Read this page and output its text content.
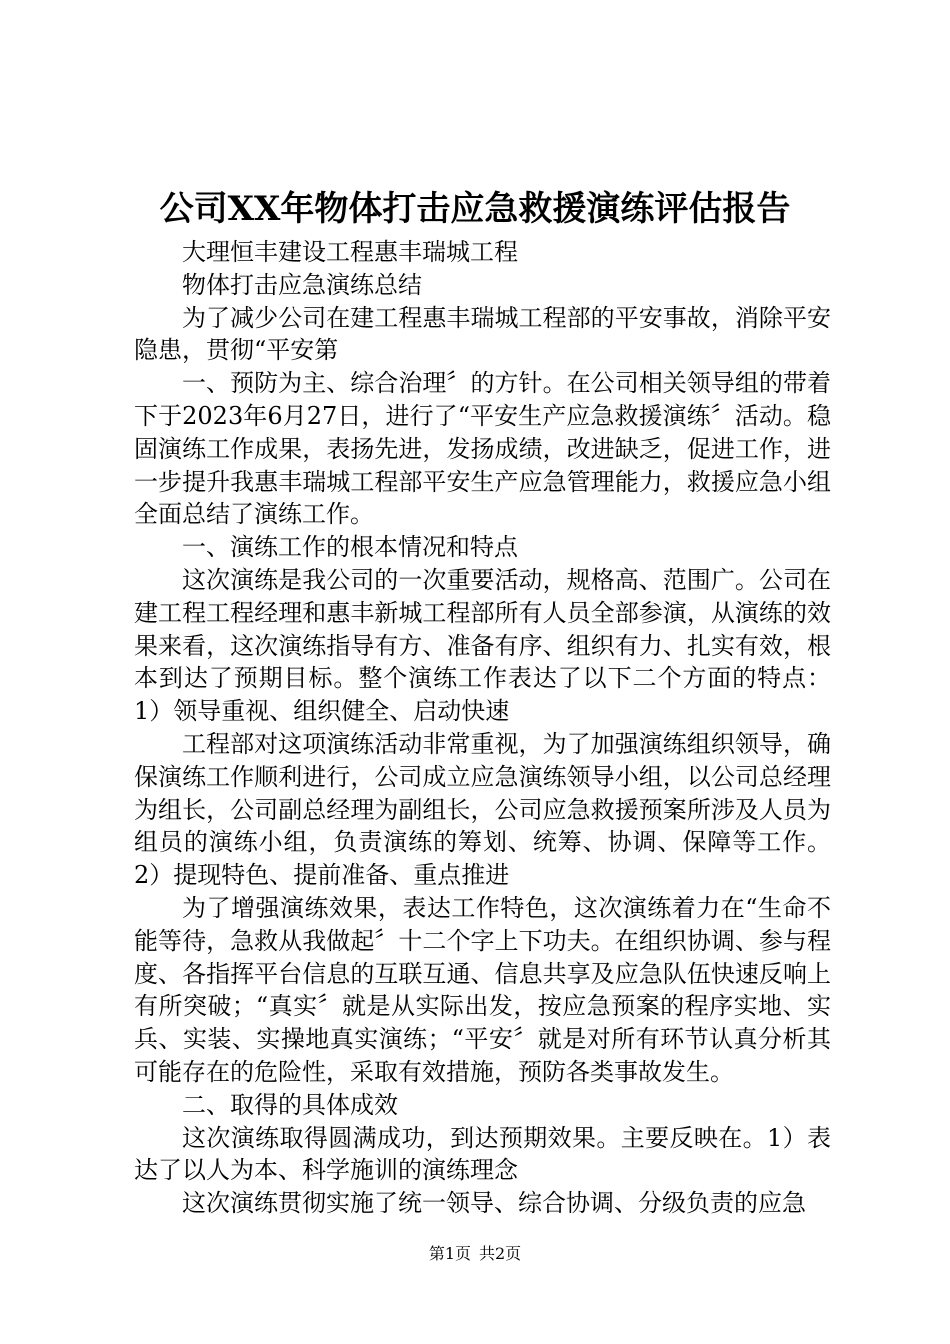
公司XX年物体打击应急救援演练评估报告

大理恒丰建设工程惠丰瑞城工程

物体打击应急演练总结

为了减少公司在建工程惠丰瑞城工程部的平安事故，消除平安隐患，贯彻“平安第

一、预防为主、综合治理〞的方针。在公司相关领导组的带着下于2023年6月27日，进行了“平安生产应急救援演练〞活动。稳固演练工作成果，表扬先进，发扬成绩，改进缺乏，促进工作，进一步提升我惠丰瑞城工程部平安生产应急管理能力，救援应急小组全面总结了演练工作。

一、演练工作的根本情况和特点

这次演练是我公司的一次重要活动，规格高、范围广。公司在建工程工程经理和惠丰新城工程部所有人员全部参演，从演练的效果来看，这次演练指导有方、准备有序、组织有力、扎实有效，根本到达了预期目标。整个演练工作表达了以下二个方面的特点：1）领导重视、组织健全、启动快速

工程部对这项演练活动非常重视，为了加强演练组织领导，确保演练工作顺利进行，公司成立应急演练领导小组，以公司总经理为组长，公司副总经理为副组长，公司应急救援预案所涉及人员为组员的演练小组，负责演练的筹划、统筹、协调、保障等工作。2）提现特色、提前准备、重点推进

为了增强演练效果，表达工作特色，这次演练着力在“生命不能等待，急救从我做起〞十二个字上下功夫。在组织协调、参与程度、各指挥平台信息的互联互通、信息共享及应急队伍快速反响上有所突破；“真实〞就是从实际出发，按应急预案的程序实地、实兵、实装、实操地真实演练；“平安〞就是对所有环节认真分析其可能存在的危险性，采取有效措施，预防各类事故发生。

二、取得的具体成效

这次演练取得圆满成功，到达预期效果。主要反映在。1）表达了以人为本、科学施训的演练理念

这次演练贯彻实施了统一领导、综合协调、分级负责的应急

第1页 共2页
